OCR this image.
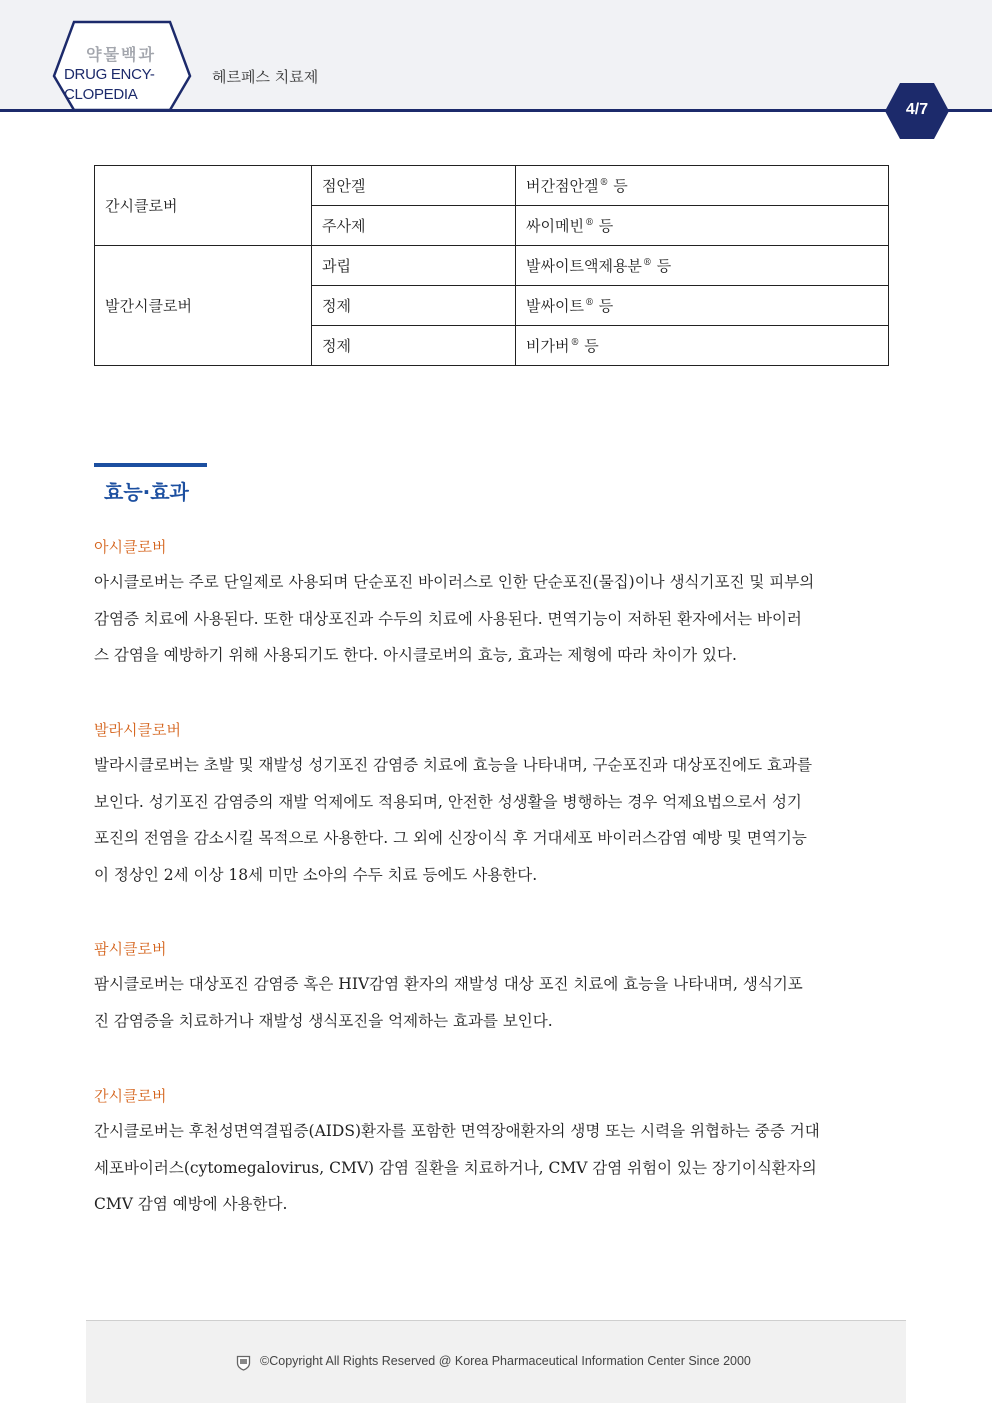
약물백과
DRUG ENCY-
CLOPEDIA
헤르페스 치료제
4/7
간시클로버	점안겔	버간점안겔® 등
	주사제	싸이메빈® 등
발간시클로버	과립	발싸이트액제용분® 등
	정제	발싸이트® 등
	정제	비가버® 등
효능·효과
아시클로버
아시클로버는 주로 단일제로 사용되며 단순포진 바이러스로 인한 단순포진(물집)이나 생식기포진 및 피부의
감염증 치료에 사용된다. 또한 대상포진과 수두의 치료에 사용된다. 면역기능이 저하된 환자에서는 바이러
스 감염을 예방하기 위해 사용되기도 한다. 아시클로버의 효능, 효과는 제형에 따라 차이가 있다.
발라시클로버
발라시클로버는 초발 및 재발성 성기포진 감염증 치료에 효능을 나타내며, 구순포진과 대상포진에도 효과를
보인다. 성기포진 감염증의 재발 억제에도 적용되며, 안전한 성생활을 병행하는 경우 억제요법으로서 성기
포진의 전염을 감소시킬 목적으로 사용한다. 그 외에 신장이식 후 거대세포 바이러스감염 예방 및 면역기능
이 정상인 2세 이상 18세 미만 소아의 수두 치료 등에도 사용한다.
팜시클로버
팜시클로버는 대상포진 감염증 혹은 HIV감염 환자의 재발성 대상 포진 치료에 효능을 나타내며, 생식기포
진 감염증을 치료하거나 재발성 생식포진을 억제하는 효과를 보인다.
간시클로버
간시클로버는 후천성면역결핍증(AIDS)환자를 포함한 면역장애환자의 생명 또는 시력을 위협하는 중증 거대
세포바이러스(cytomegalovirus, CMV) 감염 질환을 치료하거나, CMV 감염 위험이 있는 장기이식환자의
CMV 감염 예방에 사용한다.
©Copyright All Rights Reserved @ Korea Pharmaceutical Information Center Since 2000
